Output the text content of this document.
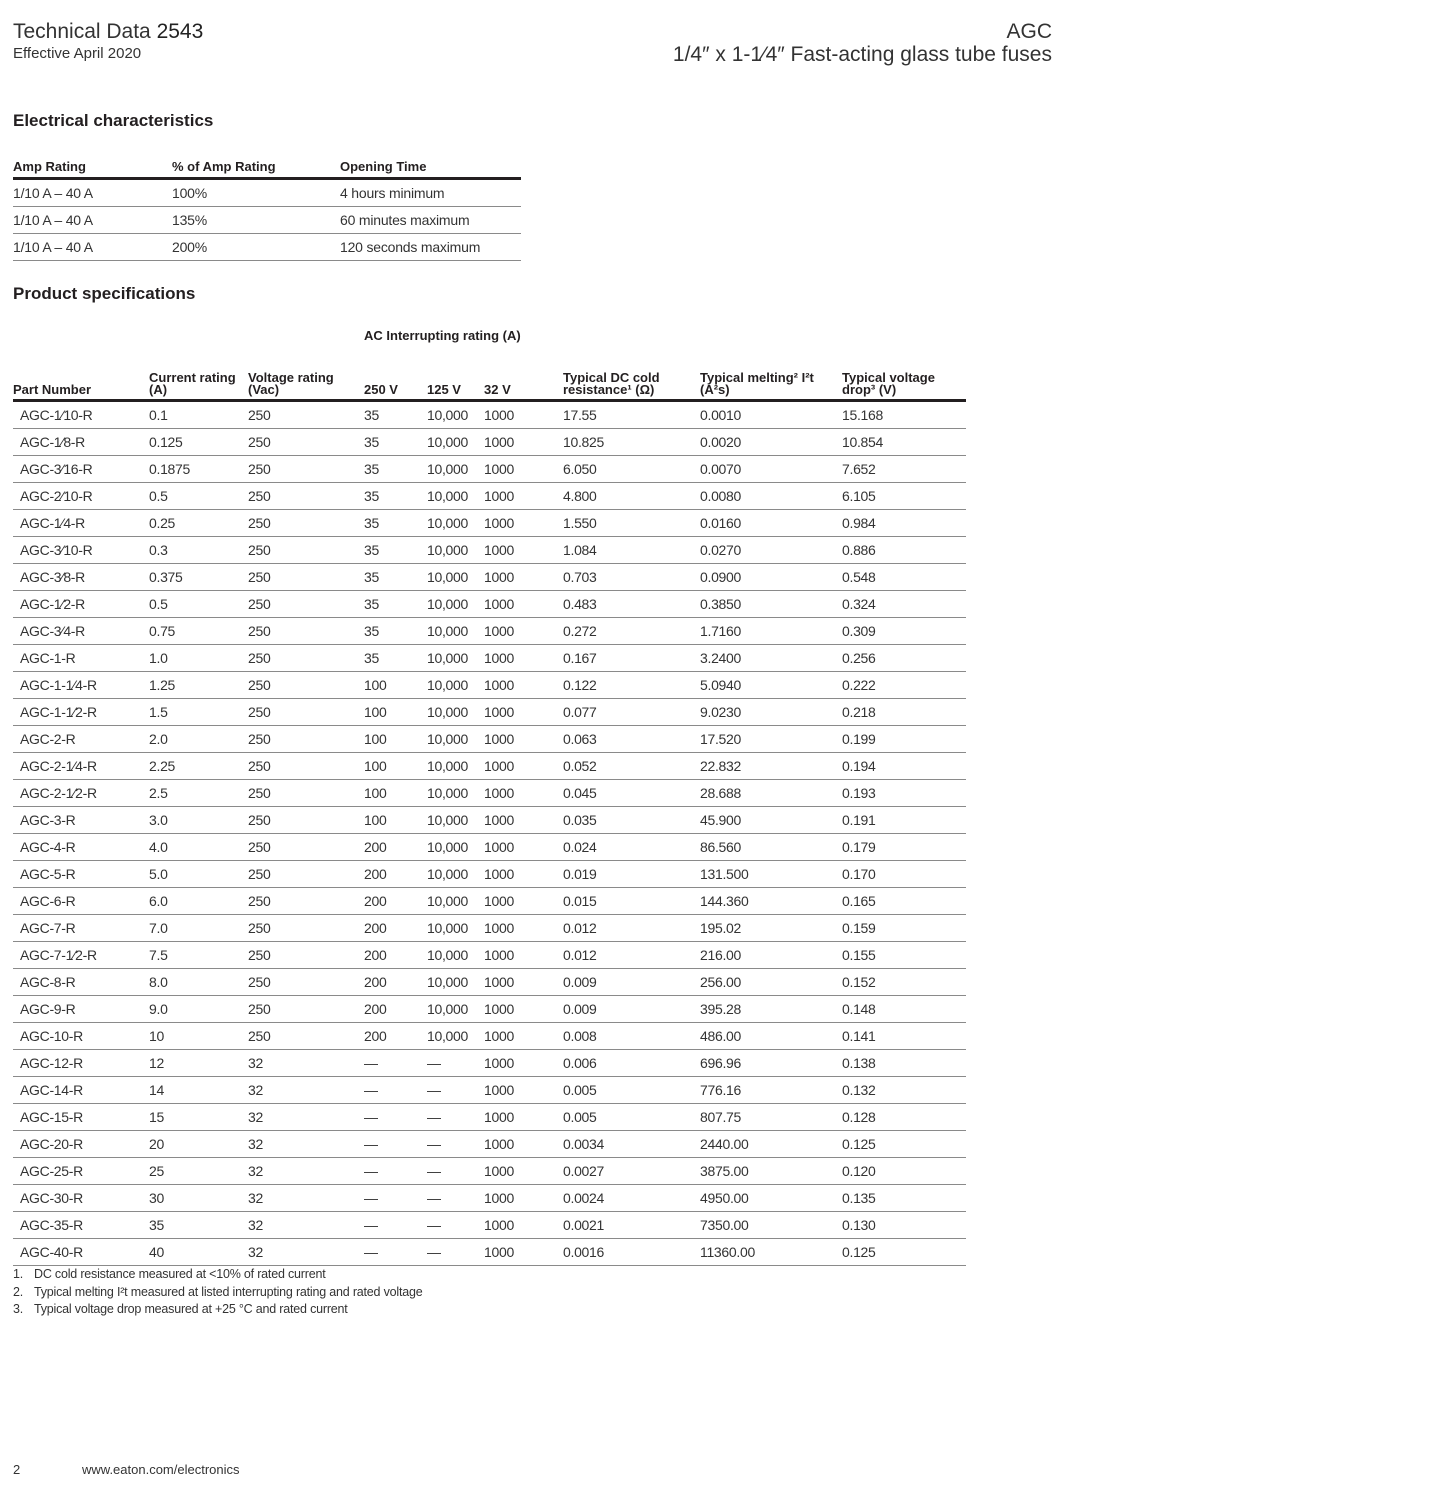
Technical Data 2543
Effective April 2020
AGC
1/4″ x 1-1⁄4″ Fast-acting glass tube fuses
Electrical characteristics
Amp Rating	% of Amp Rating	Opening Time
1/10 A – 40 A	100%	4 hours minimum
1/10 A – 40 A	135%	60 minutes maximum
1/10 A – 40 A	200%	120 seconds maximum
Product specifications
AC Interrupting rating (A)
Part Number	Current rating (A)	Voltage rating (Vac)	250 V	125 V	32 V	Typical DC cold resistance¹ (Ω)	Typical melting² I²t (A²s)	Typical voltage drop³ (V)
AGC-1⁄10-R	0.1	250	35	10,000	1000	17.55	0.0010	15.168
AGC-1⁄8-R	0.125	250	35	10,000	1000	10.825	0.0020	10.854
AGC-3⁄16-R	0.1875	250	35	10,000	1000	6.050	0.0070	7.652
AGC-2⁄10-R	0.5	250	35	10,000	1000	4.800	0.0080	6.105
AGC-1⁄4-R	0.25	250	35	10,000	1000	1.550	0.0160	0.984
AGC-3⁄10-R	0.3	250	35	10,000	1000	1.084	0.0270	0.886
AGC-3⁄8-R	0.375	250	35	10,000	1000	0.703	0.0900	0.548
AGC-1⁄2-R	0.5	250	35	10,000	1000	0.483	0.3850	0.324
AGC-3⁄4-R	0.75	250	35	10,000	1000	0.272	1.7160	0.309
AGC-1-R	1.0	250	35	10,000	1000	0.167	3.2400	0.256
AGC-1-1⁄4-R	1.25	250	100	10,000	1000	0.122	5.0940	0.222
AGC-1-1⁄2-R	1.5	250	100	10,000	1000	0.077	9.0230	0.218
AGC-2-R	2.0	250	100	10,000	1000	0.063	17.520	0.199
AGC-2-1⁄4-R	2.25	250	100	10,000	1000	0.052	22.832	0.194
AGC-2-1⁄2-R	2.5	250	100	10,000	1000	0.045	28.688	0.193
AGC-3-R	3.0	250	100	10,000	1000	0.035	45.900	0.191
AGC-4-R	4.0	250	200	10,000	1000	0.024	86.560	0.179
AGC-5-R	5.0	250	200	10,000	1000	0.019	131.500	0.170
AGC-6-R	6.0	250	200	10,000	1000	0.015	144.360	0.165
AGC-7-R	7.0	250	200	10,000	1000	0.012	195.02	0.159
AGC-7-1⁄2-R	7.5	250	200	10,000	1000	0.012	216.00	0.155
AGC-8-R	8.0	250	200	10,000	1000	0.009	256.00	0.152
AGC-9-R	9.0	250	200	10,000	1000	0.009	395.28	0.148
AGC-10-R	10	250	200	10,000	1000	0.008	486.00	0.141
AGC-12-R	12	32	—	—	1000	0.006	696.96	0.138
AGC-14-R	14	32	—	—	1000	0.005	776.16	0.132
AGC-15-R	15	32	—	—	1000	0.005	807.75	0.128
AGC-20-R	20	32	—	—	1000	0.0034	2440.00	0.125
AGC-25-R	25	32	—	—	1000	0.0027	3875.00	0.120
AGC-30-R	30	32	—	—	1000	0.0024	4950.00	0.135
AGC-35-R	35	32	—	—	1000	0.0021	7350.00	0.130
AGC-40-R	40	32	—	—	1000	0.0016	11360.00	0.125
1. DC cold resistance measured at <10% of rated current
2. Typical melting I²t measured at listed interrupting rating and rated voltage
3. Typical voltage drop measured at +25 °C and rated current
2	www.eaton.com/electronics
